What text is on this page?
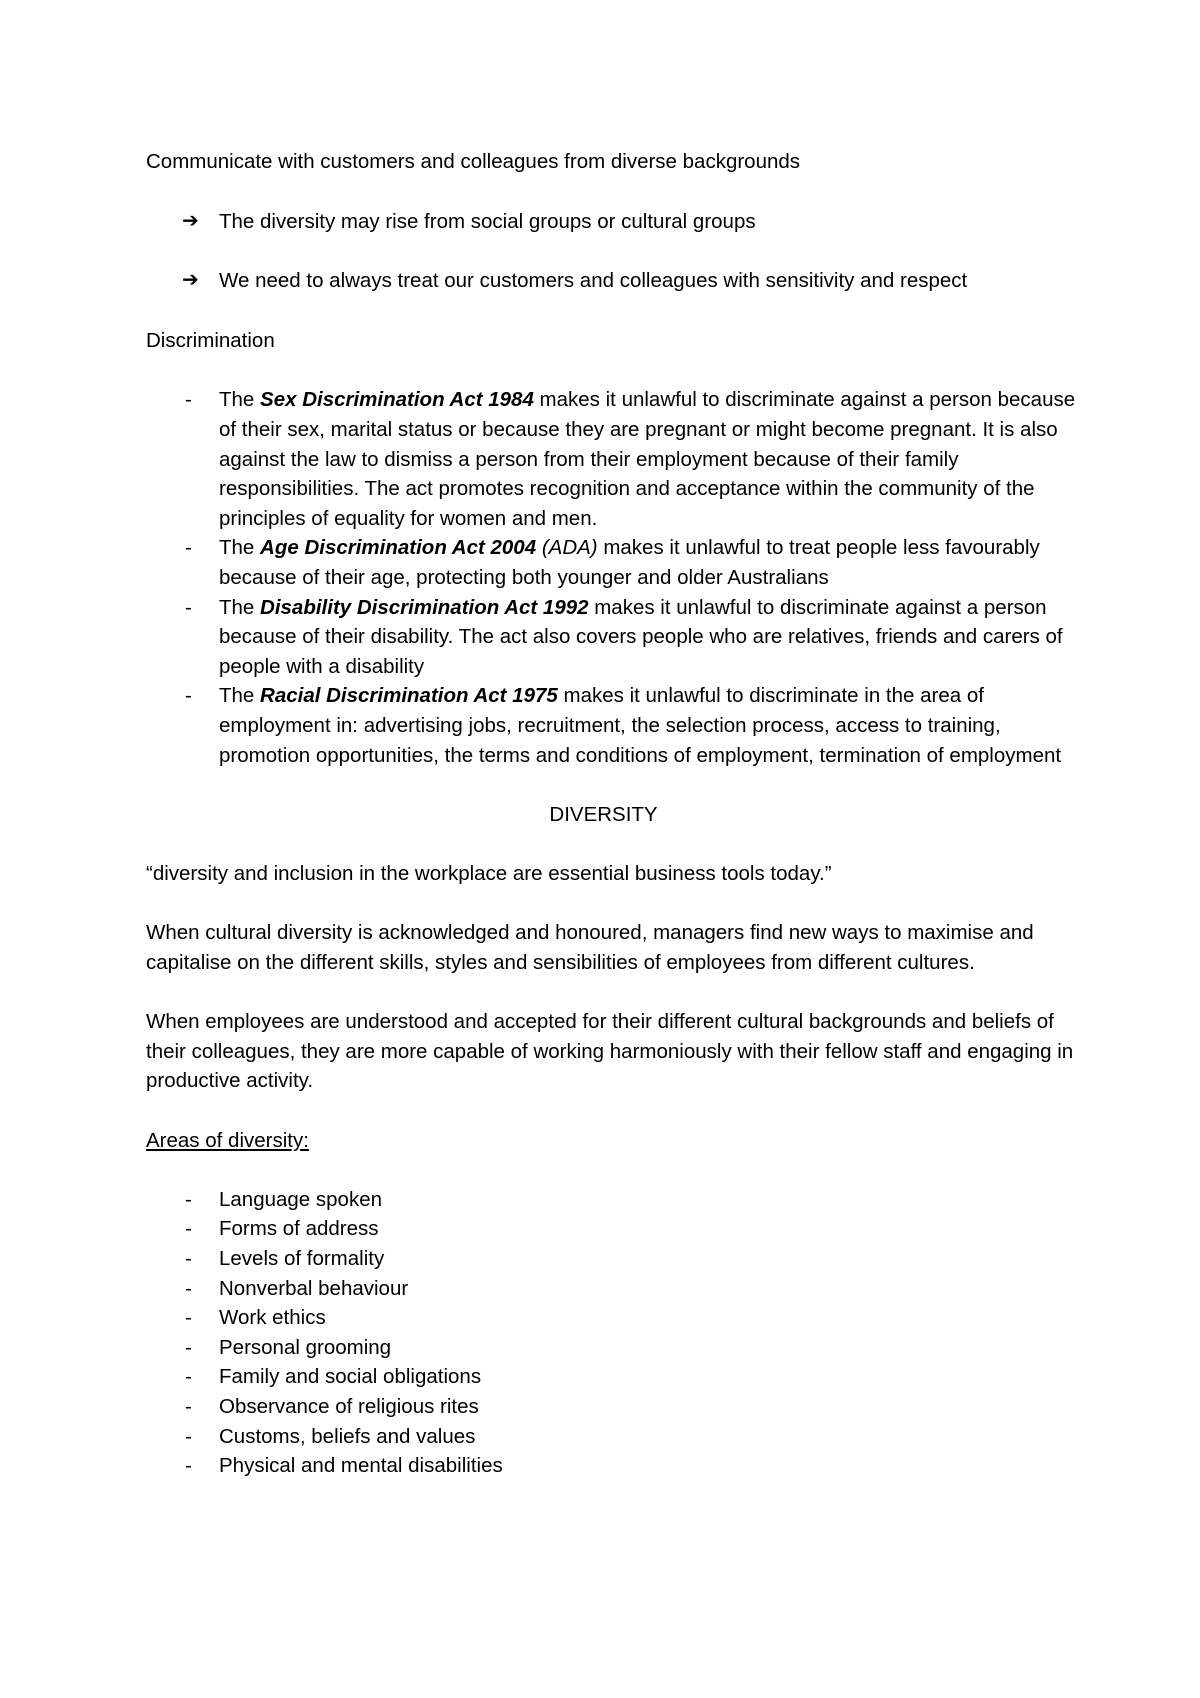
Communicate with customers and colleagues from diverse backgrounds

➔ The diversity may rise from social groups or cultural groups
➔ We need to always treat our customers and colleagues with sensitivity and respect

Discrimination

- The Sex Discrimination Act 1984 makes it unlawful to discriminate against a person because of their sex, marital status or because they are pregnant or might become pregnant. It is also against the law to dismiss a person from their employment because of their family responsibilities. The act promotes recognition and acceptance within the community of the principles of equality for women and men.
- The Age Discrimination Act 2004 (ADA) makes it unlawful to treat people less favourably because of their age, protecting both younger and older Australians
- The Disability Discrimination Act 1992 makes it unlawful to discriminate against a person because of their disability. The act also covers people who are relatives, friends and carers of people with a disability
- The Racial Discrimination Act 1975 makes it unlawful to discriminate in the area of employment in: advertising jobs, recruitment, the selection process, access to training, promotion opportunities, the terms and conditions of employment, termination of employment

DIVERSITY

“diversity and inclusion in the workplace are essential business tools today.”

When cultural diversity is acknowledged and honoured, managers find new ways to maximise and capitalise on the different skills, styles and sensibilities of employees from different cultures.

When employees are understood and accepted for their different cultural backgrounds and beliefs of their colleagues, they are more capable of working harmoniously with their fellow staff and engaging in productive activity.

Areas of diversity:

- Language spoken
- Forms of address
- Levels of formality
- Nonverbal behaviour
- Work ethics
- Personal grooming
- Family and social obligations
- Observance of religious rites
- Customs, beliefs and values
- Physical and mental disabilities
